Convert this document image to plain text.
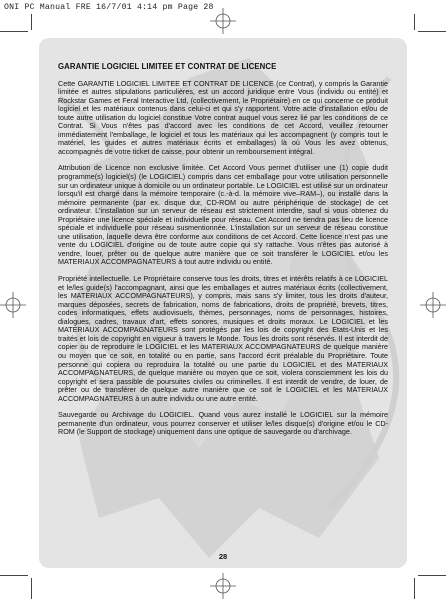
ONI PC Manual FRE 16/7/01 4:14 pm Page 28
GARANTIE LOGICIEL LIMITEE ET CONTRAT DE LICENCE

Cette GARANTIE LOGICIEL LIMITEE ET CONTRAT DE LICENCE (ce Contrat), y compris la Garantie limitée et autres stipulations particulières, est un accord juridique entre Vous (individu ou entité) et Rockstar Games et Feral Interactive Ltd, (collectivement, le Propriétaire) en ce qui concerne ce produit logiciel et les matériaux contenus dans celui-ci et qui s'y rapportent. Votre acte d'installation et/ou de toute autre utilisation du logiciel constitue Votre contrat auquel vous serez lié par les conditions de ce Contrat. Si Vous n'êtes pas d'accord avec les conditions de cet Accord, veuillez retourner immédiatement l'emballage, le logiciel et tous les matériaux qui les accompagnent (y compris tout le matériel, les guides et autres matériaux écrits et emballages) là où Vous les avez obtenus, accompagnés de votre ticket de caisse, pour obtenir un remboursement intégral.

Attribution de Licence non exclusive limitée. Cet Accord Vous permet d'utiliser une (1) copie dudit programme(s) logiciel(s) (le LOGICIEL) compris dans cet emballage pour votre utilisation personnelle sur un ordinateur unique à domicile ou un ordinateur portable. Le LOGICIEL est utilisé sur un ordinateur lorsqu'il est chargé dans la mémoire temporaire (c.-à-d. la mémoire vive–RAM–), ou installé dans la mémoire permanente (par ex. disque dur, CD-ROM ou autre périphérique de stockage) de cet ordinateur. L'installation sur un serveur de réseau est strictement interdite, sauf si vous obtenez du Propriétaire une licence spéciale et individuelle pour réseau. Cet Accord ne tiendra pas lieu de licence spéciale et individuelle pour réseau susmentionnée. L'installation sur un serveur de réseau constitue une utilisation, laquelle devra être conforme aux conditions de cet Accord. Cette licence n'est pas une vente du LOGICIEL d'origine ou de toute autre copie qui s'y rattache. Vous n'êtes pas autorisé à vendre, louer, prêter ou de quelque autre manière que ce soit transférer le LOGICIEL et/ou les MATERIAUX ACCOMPAGNATEURS à tout autre individu ou entité.

Propriété intellectuelle. Le Propriétaire conserve tous les droits, titres et intérêts relatifs à ce LOGICIEL et le/les guide(s) l'accompagnant, ainsi que les emballages et autres matériaux écrits (collectivement, les MATERIAUX ACCOMPAGNATEURS), y compris, mais sans s'y limiter, tous les droits d'auteur, marques déposées, secrets de fabrication, noms de fabrications, droits de propriété, brevets, titres, codes informatiques, effets audiovisuels, thèmes, personnages, noms de personnages, histoires, dialogues, cadres, travaux d'art, effets sonores, musiques et droits moraux. Le LOGICIEL et les MATERIAUX ACCOMPAGNATEURS sont protégés par les lois de copyright des Etats-Unis et les traités et lois de copyright en vigueur à travers le Monde. Tous les droits sont réservés. Il est interdit de copier ou de reproduire le LOGICIEL et les MATERIAUX ACCOMPAGNATEURS de quelque manière ou moyen que ce soit, en totalité ou en partie, sans l'accord écrit préalable du Propriétaire. Toute personne qui copiera ou reproduira la totalité ou une partie du LOGICIEL et des MATERIAUX ACCOMPAGNATEURS, de quelque manière ou moyen que ce soit, violera consciemment les lois du copyright et sera passible de poursuites civiles ou criminelles. Il est interdit de vendre, de louer, de prêter ou de transférer de quelque autre manière que ce soit le LOGICIEL et les MATERIAUX ACCOMPAGNATEURS à un autre individu ou une autre entité.

Sauvegarde ou Archivage du LOGICIEL. Quand vous aurez installé le LOGICIEL sur la mémoire permanente d'un ordinateur, vous pourrez conserver et utiliser le/les disque(s) d'origine et/ou le CD-ROM (le Support de stockage) uniquement dans une optique de sauvegarde ou d'archivage.

28
